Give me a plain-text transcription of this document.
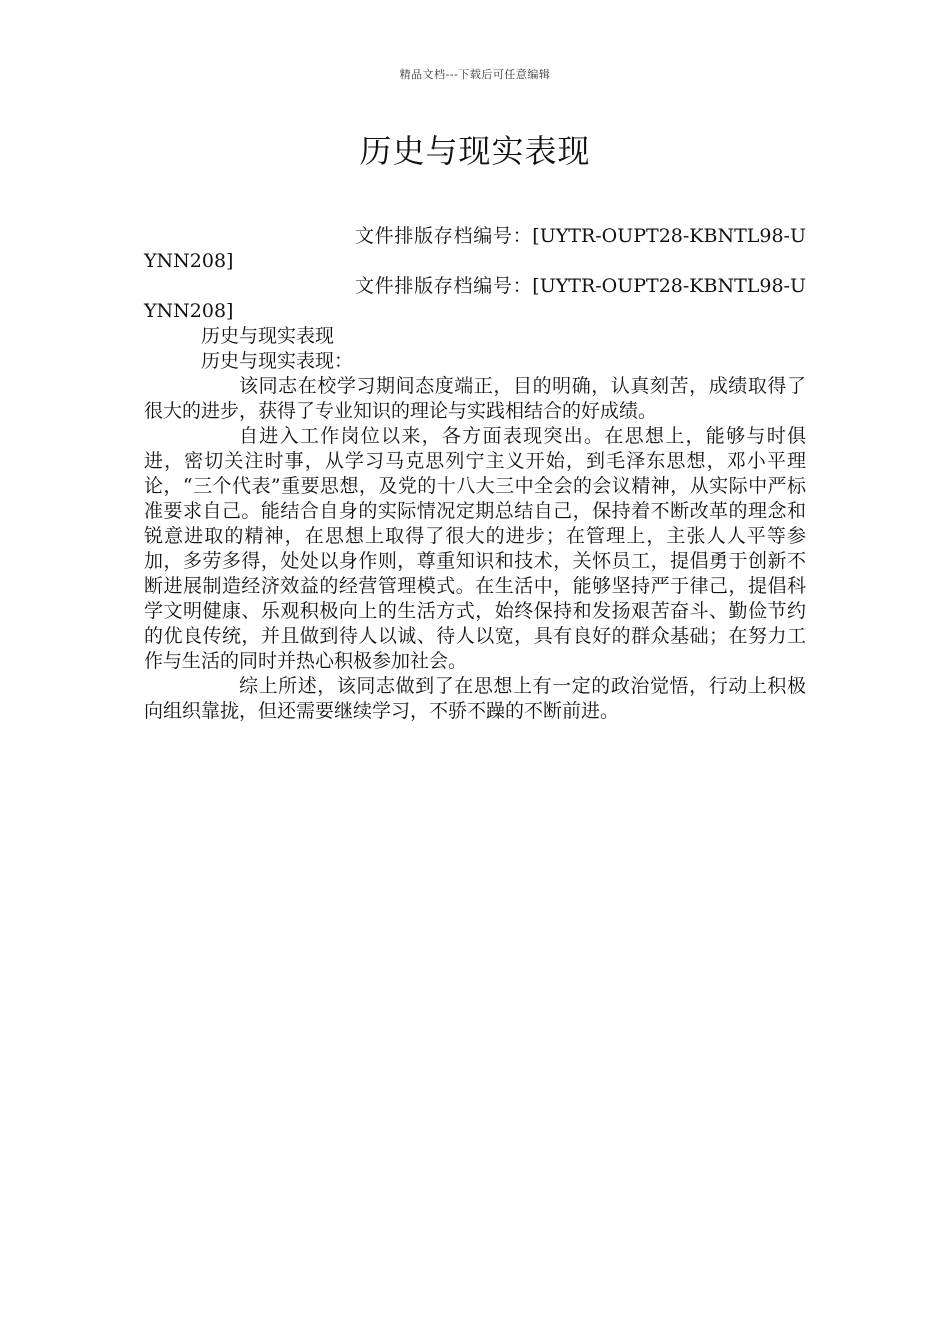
精品文档---下载后可任意编辑
历史与现实表现

文件排版存档编号：[UYTR-OUPT28-KBNTL98-UYNN208]

文件排版存档编号：[UYTR-OUPT28-KBNTL98-UYNN208]

历史与现实表现

历史与现实表现：

该同志在校学习期间态度端正，目的明确，认真刻苦，成绩取得了很大的进步，获得了专业知识的理论与实践相结合的好成绩。

自进入工作岗位以来，各方面表现突出。在思想上，能够与时俱进，密切关注时事，从学习马克思列宁主义开始，到毛泽东思想，邓小平理论，“三个代表”重要思想，及党的十八大三中全会的会议精神，从实际中严标准要求自己。能结合自身的实际情况定期总结自己，保持着不断改革的理念和锐意进取的精神，在思想上取得了很大的进步；在管理上，主张人人平等参加，多劳多得，处处以身作则，尊重知识和技术，关怀员工，提倡勇于创新不断进展制造经济效益的经营管理模式。在生活中，能够坚持严于律己，提倡科学文明健康、乐观积极向上的生活方式，始终保持和发扬艰苦奋斗、勤俭节约的优良传统，并且做到待人以诚、待人以宽，具有良好的群众基础；在努力工作与生活的同时并热心积极参加社会。

综上所述，该同志做到了在思想上有一定的政治觉悟，行动上积极向组织靠拢，但还需要继续学习，不骄不躁的不断前进。
